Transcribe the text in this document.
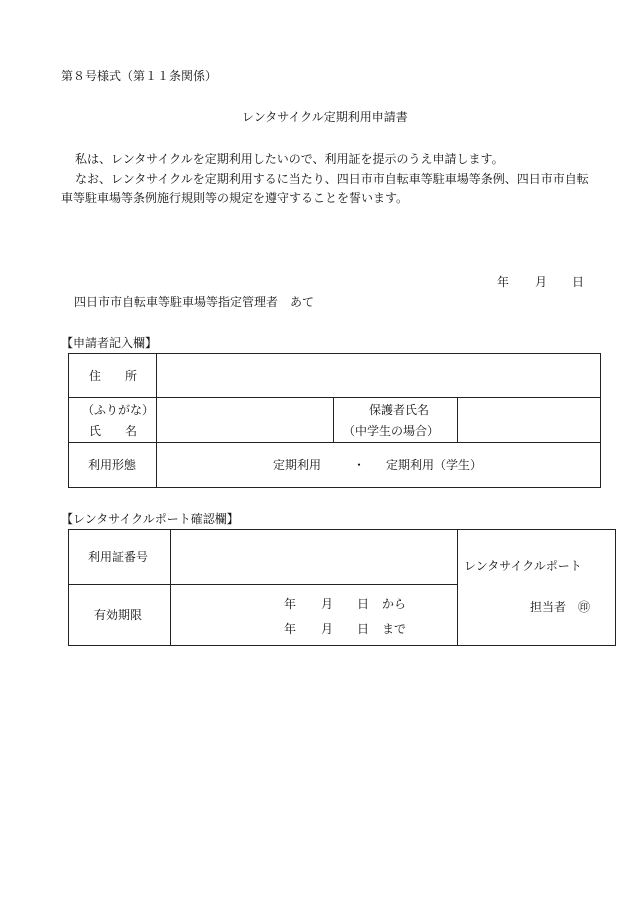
第８号様式（第１１条関係）
レンタサイクル定期利用申請書
私は、レンタサイクルを定期利用したいので、利用証を提示のうえ申請します。
なお、レンタサイクルを定期利用するに当たり、四日市市自転車等駐車場等条例、四日市市自転
車等駐車場等条例施行規則等の規定を遵守することを誓います。
年 月 日
四日市市自転車等駐車場等指定管理者　あて
【申請者記入欄】
住　　所
（ふりがな）
氏　　名
保護者氏名
（中学生の場合）
利用形態	定期利用	・ 定期利用（学生）
【レンタサイクルポート確認欄】
利用証番号
有効期限
年 月 日 から
年 月 日 まで
レンタサイクルポート
担当者 ㊞
